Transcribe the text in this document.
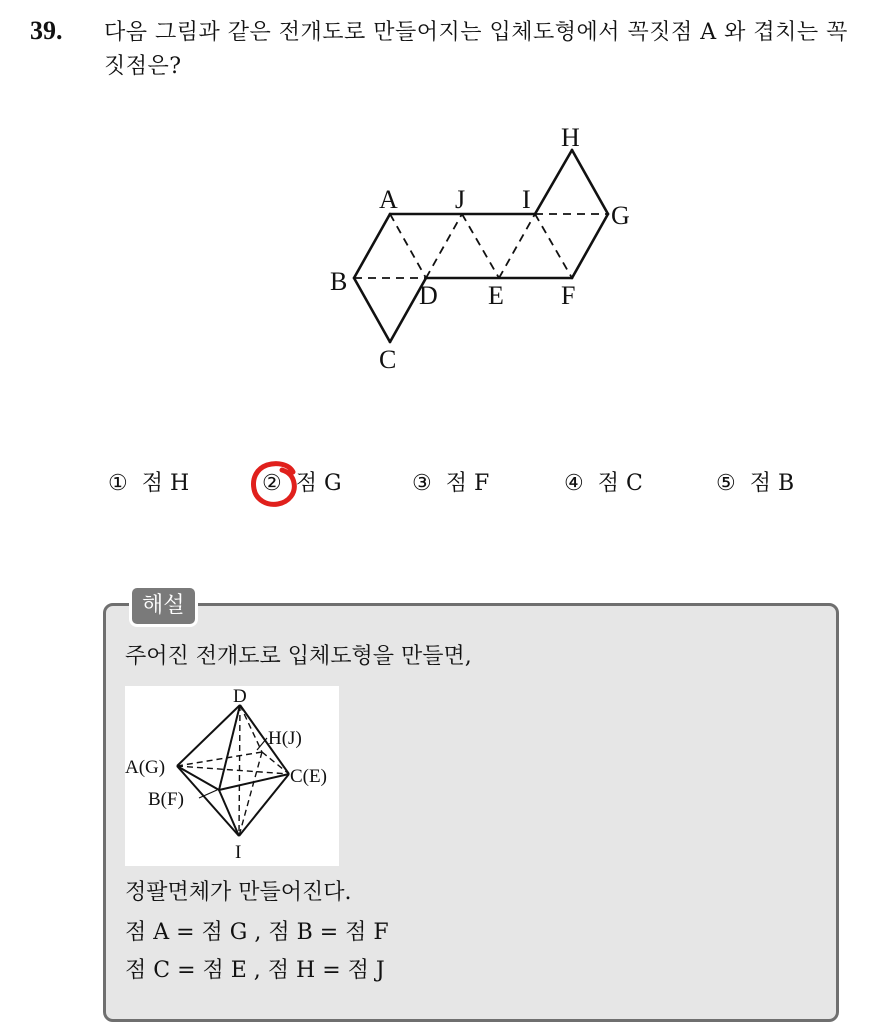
39. 다음 그림과 같은 전개도로 만들어지는 입체도형에서 꼭짓점 A 와 겹치는 꼭짓점은?
H
A J I
G
B	D E F
C
① 점 H	② 점 G	③ 점 F	④ 점 C	⑤ 점 B
해설
주어진 전개도로 입체도형을 만들면,
D
H(J)
A(G)	C(E)
B(F)
I
정팔면체가 만들어진다.
점 A = 점 G , 점 B = 점 F
점 C = 점 E , 점 H = 점 J
